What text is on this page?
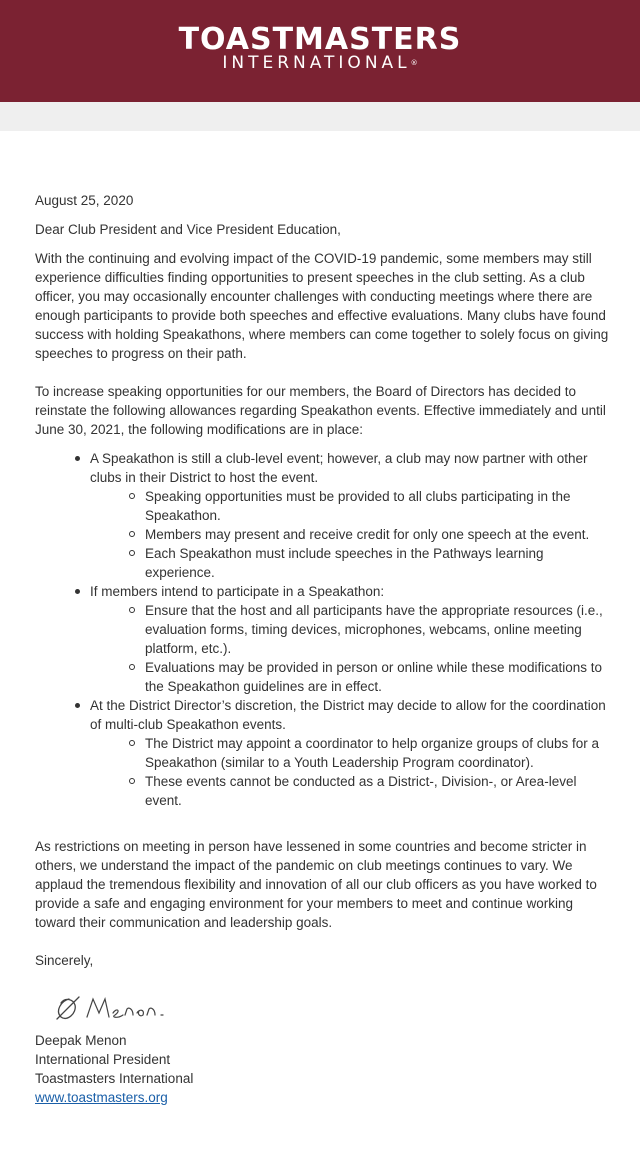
TOASTMASTERS
INTERNATIONAL®

August 25, 2020

Dear Club President and Vice President Education,

With the continuing and evolving impact of the COVID-19 pandemic, some members may still experience difficulties finding opportunities to present speeches in the club setting. As a club officer, you may occasionally encounter challenges with conducting meetings where there are enough participants to provide both speeches and effective evaluations. Many clubs have found success with holding Speakathons, where members can come together to solely focus on giving speeches to progress on their path.

To increase speaking opportunities for our members, the Board of Directors has decided to reinstate the following allowances regarding Speakathon events. Effective immediately and until June 30, 2021, the following modifications are in place:

A Speakathon is still a club-level event; however, a club may now partner with other clubs in their District to host the event.
Speaking opportunities must be provided to all clubs participating in the Speakathon.
Members may present and receive credit for only one speech at the event.
Each Speakathon must include speeches in the Pathways learning experience.
If members intend to participate in a Speakathon:
Ensure that the host and all participants have the appropriate resources (i.e., evaluation forms, timing devices, microphones, webcams, online meeting platform, etc.).
Evaluations may be provided in person or online while these modifications to the Speakathon guidelines are in effect.
At the District Director’s discretion, the District may decide to allow for the coordination of multi-club Speakathon events.
The District may appoint a coordinator to help organize groups of clubs for a Speakathon (similar to a Youth Leadership Program coordinator).
These events cannot be conducted as a District-, Division-, or Area-level event.

As restrictions on meeting in person have lessened in some countries and become stricter in others, we understand the impact of the pandemic on club meetings continues to vary. We applaud the tremendous flexibility and innovation of all our club officers as you have worked to provide a safe and engaging environment for your members to meet and continue working toward their communication and leadership goals.

Sincerely,

Deepak Menon
International President
Toastmasters International
www.toastmasters.org
